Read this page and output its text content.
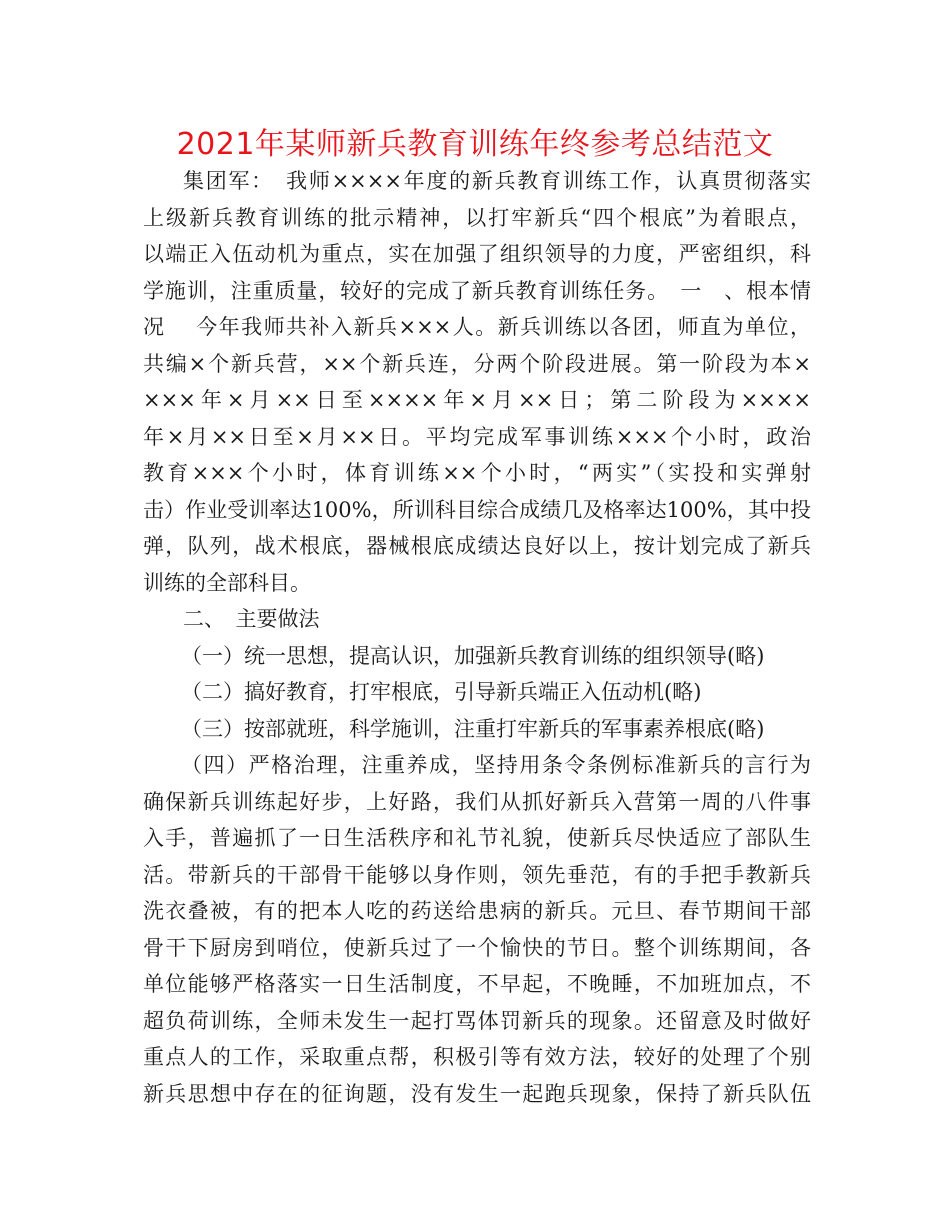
2021年某师新兵教育训练年终参考总结范文
集团军：　我师××××年度的新兵教育训练工作，认真贯彻落实
上级新兵教育训练的批示精神，以打牢新兵“四个根底”为着眼点，
以端正入伍动机为重点，实在加强了组织领导的力度，严密组织，科
学施训，注重质量，较好的完成了新兵教育训练任务。　一　、根本情
况　 今年我师共补入新兵×××人。新兵训练以各团，师直为单位，
共编×个新兵营，××个新兵连，分两个阶段进展。第一阶段为本×
×××年×月××日至××××年×月××日；第二阶段为××××
年×月××日至×月××日。平均完成军事训练×××个小时，政治
教育×××个小时，体育训练××个小时，“两实”（实投和实弹射
击）作业受训率达100%，所训科目综合成绩几及格率达100%，其中投
弹，队列，战术根底，器械根底成绩达良好以上，按计划完成了新兵
训练的全部科目。
二、　主要做法
（一）统一思想，提高认识，加强新兵教育训练的组织领导(略)
（二）搞好教育，打牢根底，引导新兵端正入伍动机(略)
（三）按部就班，科学施训，注重打牢新兵的军事素养根底(略)
（四）严格治理，注重养成，坚持用条令条例标准新兵的言行为
确保新兵训练起好步，上好路，我们从抓好新兵入营第一周的八件事
入手，普遍抓了一日生活秩序和礼节礼貌，使新兵尽快适应了部队生
活。带新兵的干部骨干能够以身作则，领先垂范，有的手把手教新兵
洗衣叠被，有的把本人吃的药送给患病的新兵。元旦、春节期间干部
骨干下厨房到哨位，使新兵过了一个愉快的节日。整个训练期间，各
单位能够严格落实一日生活制度，不早起，不晚睡，不加班加点，不
超负荷训练，全师未发生一起打骂体罚新兵的现象。还留意及时做好
重点人的工作，采取重点帮，积极引等有效方法，较好的处理了个别
新兵思想中存在的征询题，没有发生一起跑兵现象，保持了新兵队伍
